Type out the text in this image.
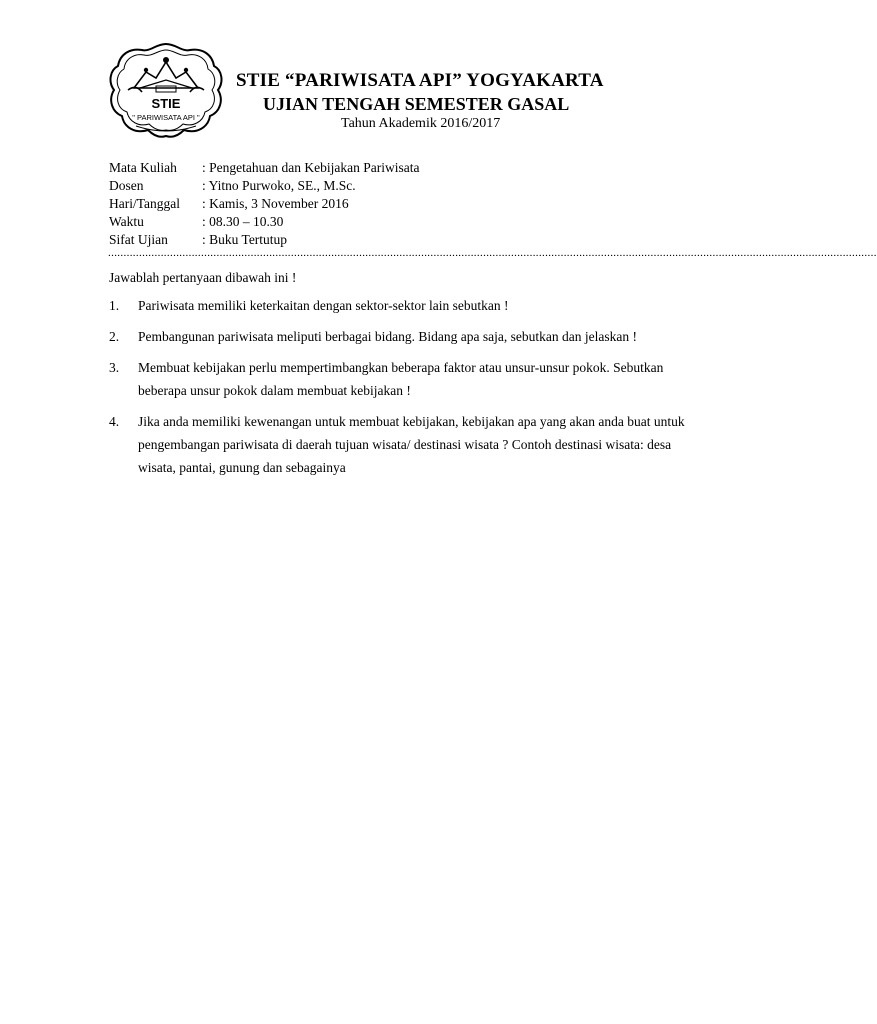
STIE
" PARIWISATA API "
STIE “PARIWISATA API” YOGYAKARTA
UJIAN TENGAH SEMESTER GASAL
Tahun Akademik 2016/2017
Mata Kuliah	: Pengetahuan dan Kebijakan Pariwisata
Dosen	: Yitno Purwoko, SE., M.Sc.
Hari/Tanggal	: Kamis, 3 November 2016
Waktu	: 08.30 – 10.30
Sifat Ujian	: Buku Tertutup
........................................................................................................................................................................................................................................................
Jawablah pertanyaan dibawah ini !
1.	Pariwisata memiliki keterkaitan dengan sektor-sektor lain sebutkan !
2.	Pembangunan pariwisata meliputi berbagai bidang. Bidang apa saja, sebutkan dan jelaskan !
3.	Membuat kebijakan perlu mempertimbangkan beberapa faktor atau unsur-unsur pokok. Sebutkan beberapa unsur pokok dalam membuat kebijakan !
4.	Jika anda memiliki kewenangan untuk membuat kebijakan, kebijakan apa yang akan anda buat untuk pengembangan pariwisata di daerah tujuan wisata/ destinasi wisata ? Contoh destinasi wisata: desa wisata, pantai, gunung dan sebagainya
